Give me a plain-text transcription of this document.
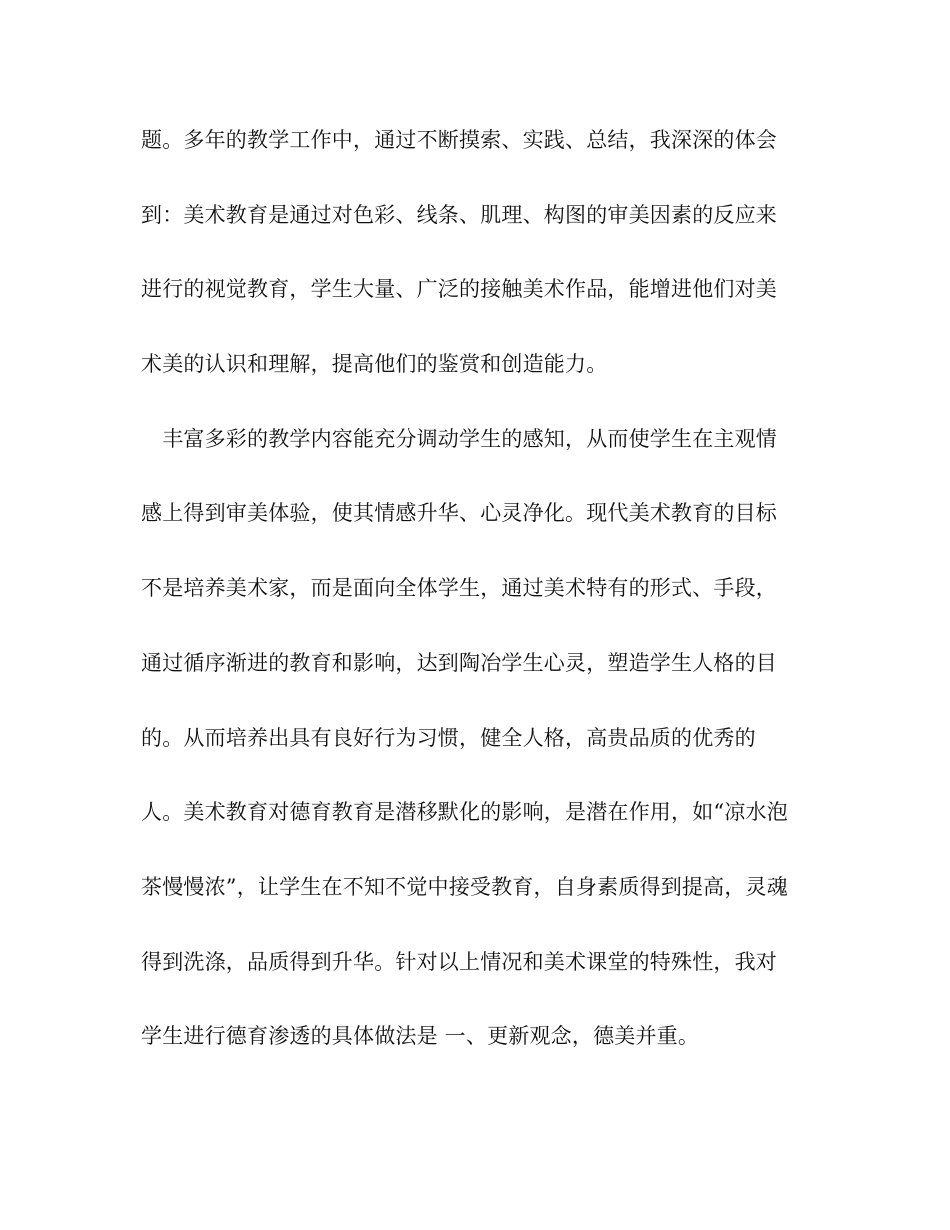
题。多年的教学工作中，通过不断摸索、实践、总结，我深深的体会
到：美术教育是通过对色彩、线条、肌理、构图的审美因素的反应来
进行的视觉教育，学生大量、广泛的接触美术作品，能增进他们对美
术美的认识和理解，提高他们的鉴赏和创造能力。
　丰富多彩的教学内容能充分调动学生的感知，从而使学生在主观情
感上得到审美体验，使其情感升华、心灵净化。现代美术教育的目标
不是培养美术家，而是面向全体学生，通过美术特有的形式、手段，
通过循序渐进的教育和影响，达到陶冶学生心灵，塑造学生人格的目
的。从而培养出具有良好行为习惯，健全人格，高贵品质的优秀的
人。美术教育对德育教育是潜移默化的影响，是潜在作用，如“凉水泡
茶慢慢浓”，让学生在不知不觉中接受教育，自身素质得到提高，灵魂
得到洗涤，品质得到升华。针对以上情况和美术课堂的特殊性，我对
学生进行德育渗透的具体做法是 一、更新观念，德美并重。
